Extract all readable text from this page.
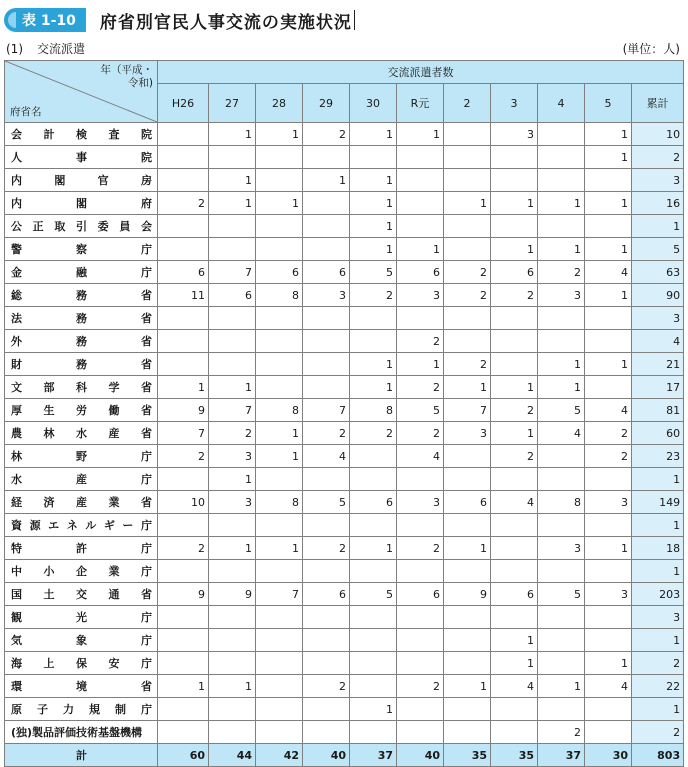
表 1-10	府省別官民人事交流の実施状況
(1) 交流派遣	(単位：人)
年（平成・
令和)
府省名	交流派遣者数										
	H26	27	28	29	30	R元	2	3	4	5	累計
会計検査院		1	1	2	1	1		3		1	10
人事院										1	2
内閣官房		1		1	1						3
内閣府	2	1	1		1		1	1	1	1	16
公正取引委員会					1						1
警察庁					1	1		1	1	1	5
金融庁	6	7	6	6	5	6	2	6	2	4	63
総務省	11	6	8	3	2	3	2	2	3	1	90
法務省											3
外務省						2					4
財務省					1	1	2		1	1	21
文部科学省	1	1			1	2	1	1	1		17
厚生労働省	9	7	8	7	8	5	7	2	5	4	81
農林水産省	7	2	1	2	2	2	3	1	4	2	60
林野庁	2	3	1	4		4		2		2	23
水産庁		1									1
経済産業省	10	3	8	5	6	3	6	4	8	3	149
資源エネルギー庁											1
特許庁	2	1	1	2	1	2	1		3	1	18
中小企業庁											1
国土交通省	9	9	7	6	5	6	9	6	5	3	203
観光庁											3
気象庁								1			1
海上保安庁								1		1	2
環境省	1	1		2		2	1	4	1	4	22
原子力規制庁					1						1
(独)製品評価技術基盤機構									2		2
計	60	44	42	40	37	40	35	35	37	30	803
